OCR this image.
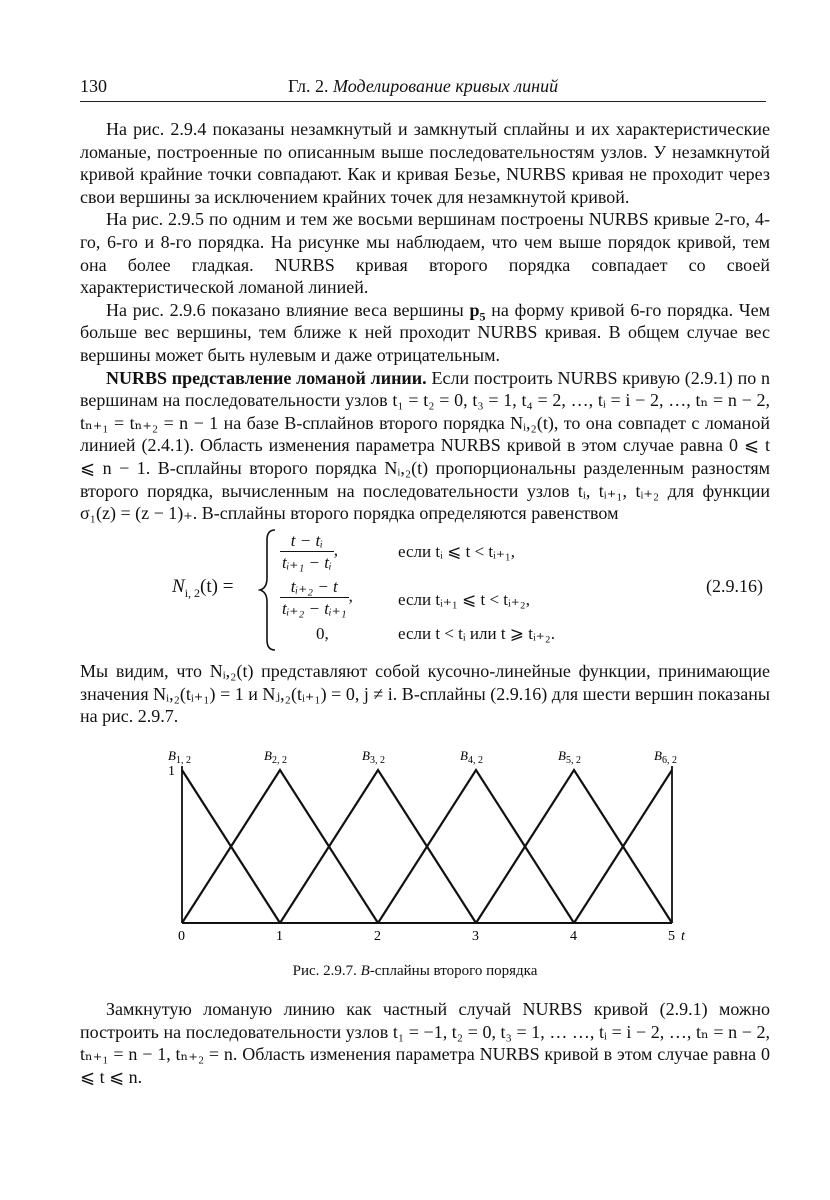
130	Гл. 2. Моделирование кривых линий

На рис. 2.9.4 показаны незамкнутый и замкнутый сплайны и их характеристические ломаные, построенные по описанным выше последовательностям узлов. У незамкнутой кривой крайние точки совпадают. Как и кривая Безье, NURBS кривая не проходит через свои вершины за исключением крайних точек для незамкнутой кривой.

На рис. 2.9.5 по одним и тем же восьми вершинам построены NURBS кривые 2-го, 4-го, 6-го и 8-го порядка. На рисунке мы наблюдаем, что чем выше порядок кривой, тем она более гладкая. NURBS кривая второго порядка совпадает со своей характеристической ломаной линией.

На рис. 2.9.6 показано влияние веса вершины $p_5$ на форму кривой 6-го порядка. Чем больше вес вершины, тем ближе к ней проходит NURBS кривая. В общем случае вес вершины может быть нулевым и даже отрицательным.

NURBS представление ломаной линии. Если построить NURBS кривую (2.9.1) по n вершинам на последовательности узлов t₁ = t₂ = 0, t₃ = 1, t₄ = 2, …, tᵢ = i − 2, …, tₙ = n − 2, tₙ₊₁ = tₙ₊₂ = n − 1 на базе B-сплайнов второго порядка Nᵢ,₂(t), то она совпадет с ломаной линией (2.4.1). Область изменения параметра NURBS кривой в этом случае равна 0 ⩽ t ⩽ n − 1. B-сплайны второго порядка Nᵢ,₂(t) пропорциональны разделенным разностям второго порядка, вычисленным на последовательности узлов tᵢ, tᵢ₊₁, tᵢ₊₂ для функции σ₁(z) = (z − 1)₊. B-сплайны второго порядка определяются равенством

$N_{i, 2}(t)$ =
$\frac{\text{t − tᵢ}}{\text{tᵢ₊₁ − tᵢ}}$ ,	если tᵢ ⩽ t < tᵢ₊₁,
$\frac{\text{tᵢ₊₂ − t}}{\text{tᵢ₊₂ − tᵢ₊₁}}$ ,	если tᵢ₊₁ ⩽ t < tᵢ₊₂,
0,	если t < tᵢ или t ⩾ tᵢ₊₂.
(2.9.16)

Мы видим, что Nᵢ,₂(t) представляют собой кусочно-линейные функции, принимающие значения Nᵢ,₂(tᵢ₊₁) = 1 и Nⱼ,₂(tᵢ₊₁) = 0, j ≠ i. B-сплайны (2.9.16) для шести вершин показаны на рис. 2.9.7.

0	1	2	3	4	5 t
1
$B_{1, 2}$	$B_{2, 2}$	$B_{3, 2}$	$B_{4, 2}$	$B_{5, 2}$	$B_{6, 2}$
Рис. 2.9.7. B-сплайны второго порядка

Замкнутую ломаную линию как частный случай NURBS кривой (2.9.1) можно построить на последовательности узлов t₁ = −1, t₂ = 0, t₃ = 1, … …, tᵢ = i − 2, …, tₙ = n − 2, tₙ₊₁ = n − 1, tₙ₊₂ = n. Область изменения параметра NURBS кривой в этом случае равна 0 ⩽ t ⩽ n.
